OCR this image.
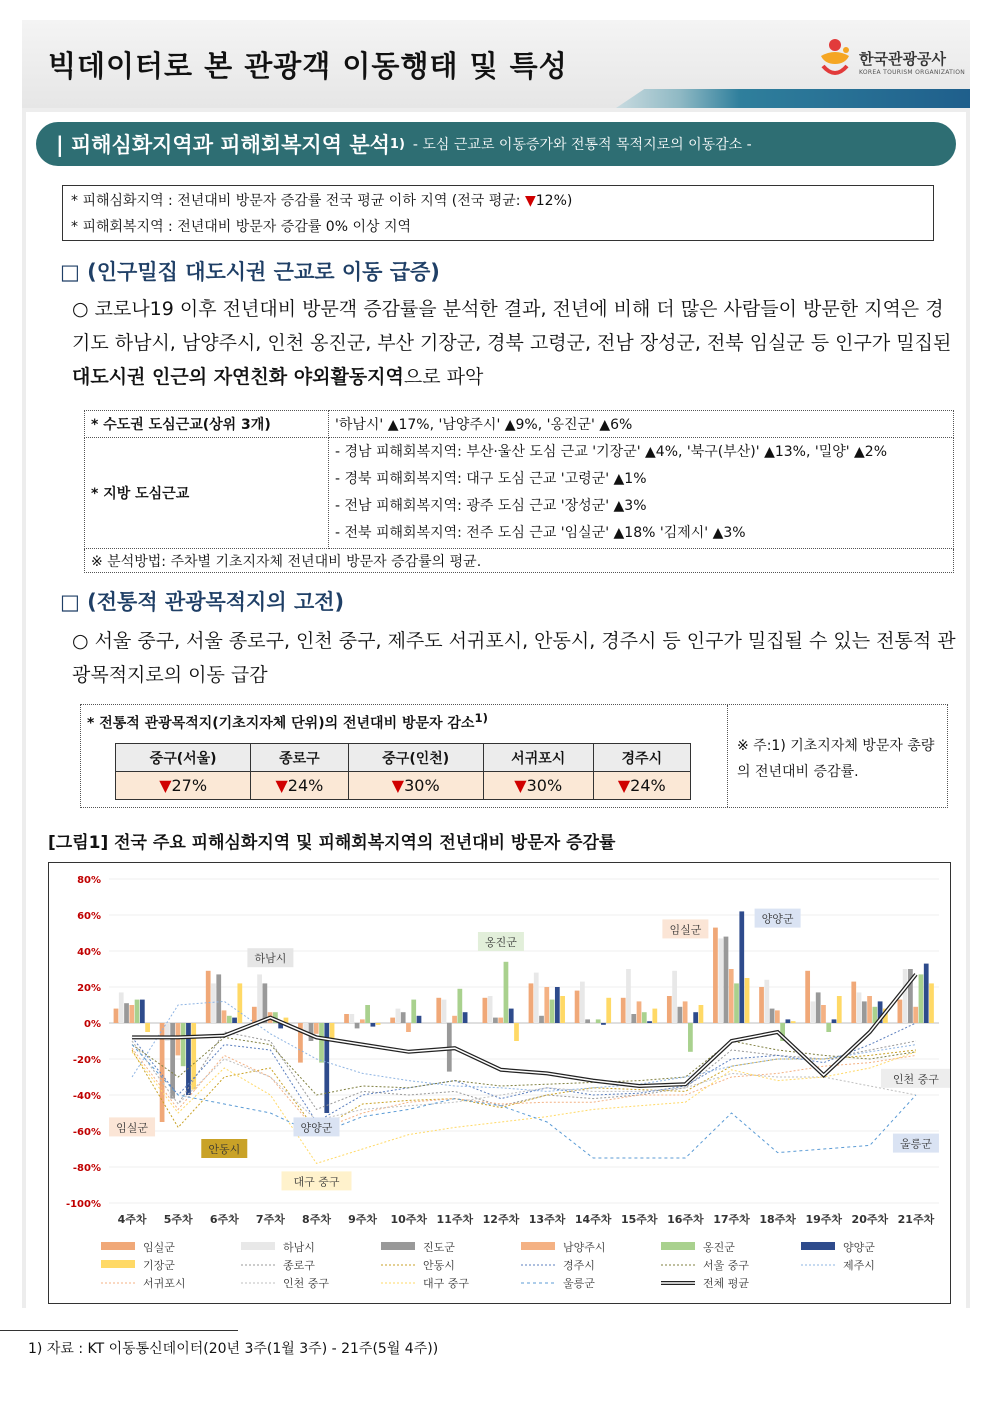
빅데이터로 본 관광객 이동행태 및 특성	한국관광공사
KOREA TOURISM ORGANIZATION
| 피해심화지역과 피해회복지역 분석 1) - 도심 근교로 이동증가와 전통적 목적지로의 이동감소 -
* 피해심화지역 : 전년대비 방문자 증감률 전국 평균 이하 지역 (전국 평균: ▼12%)
* 피해회복지역 : 전년대비 방문자 증감률 0% 이상 지역
□ (인구밀집 대도시권 근교로 이동 급증)
○ 코로나19 이후 전년대비 방문객 증감률을 분석한 결과, 전년에 비해 더 많은 사람들이 방문한 지역은 경기도 하남시, 남양주시, 인천 옹진군, 부산 기장군, 경북 고령군, 전남 장성군, 전북 임실군 등 인구가 밀집된 대도시권 인근의 자연친화 야외활동지역으로 파악
* 수도권 도심근교(상위 3개)	'하남시' ▲17%, '남양주시' ▲9%, '옹진군' ▲6%
* 지방 도심근교	- 경남 피해회복지역: 부산·울산 도심 근교 '기장군' ▲4%, '북구(부산)' ▲13%, '밀양' ▲2%
- 경북 피해회복지역: 대구 도심 근교 '고령군' ▲1%
- 전남 피해회복지역: 광주 도심 근교 '장성군' ▲3%
- 전북 피해회복지역: 전주 도심 근교 '임실군' ▲18% '김제시' ▲3%

※ 분석방법: 주차별 기초지자체 전년대비 방문자 증감률의 평균.	
□ (전통적 관광목적지의 고전)
○ 서울 중구, 서울 종로구, 인천 중구, 제주도 서귀포시, 안동시, 경주시 등 인구가 밀집될 수 있는 전통적 관광목적지로의 이동 급감
* 전통적 관광목적지(기초지자체 단위)의 전년대비 방문자 감소$^{1)}$
중구(서울)	종로구	중구(인천)	서귀포시	경주시
▼27%	▼24%	▼30%	▼30%	▼24%
※ 주:1) 기초지자체 방문자 총량의 전년대비 증감률.
[그림1] 전국 주요 피해심화지역 및 피해회복지역의 전년대비 방문자 증감률
80%
60%
40%
20%
0%
-20%
-40%
-60%
-80%
-100%
4주차 5주차 6주차 7주차 8주차 9주차 10주차 11주차 12주차 13주차 14주차 15주차 16주차 17주차 18주차 19주차 20주차 21주차
하남시
옹진군
임실군
양양군
임실군
안동시
양양군
대구 중구
인천 중구
울릉군
임실군	하남시	진도군	남양주시	옹진군	양양군
기장군	종로구	안동시	경주시	서울 중구	제주시
서귀포시	인천 중구	대구 중구	울릉군	전체 평균
1) 자료 : KT 이동통신데이터(20년 3주(1월 3주) - 21주(5월 4주))
